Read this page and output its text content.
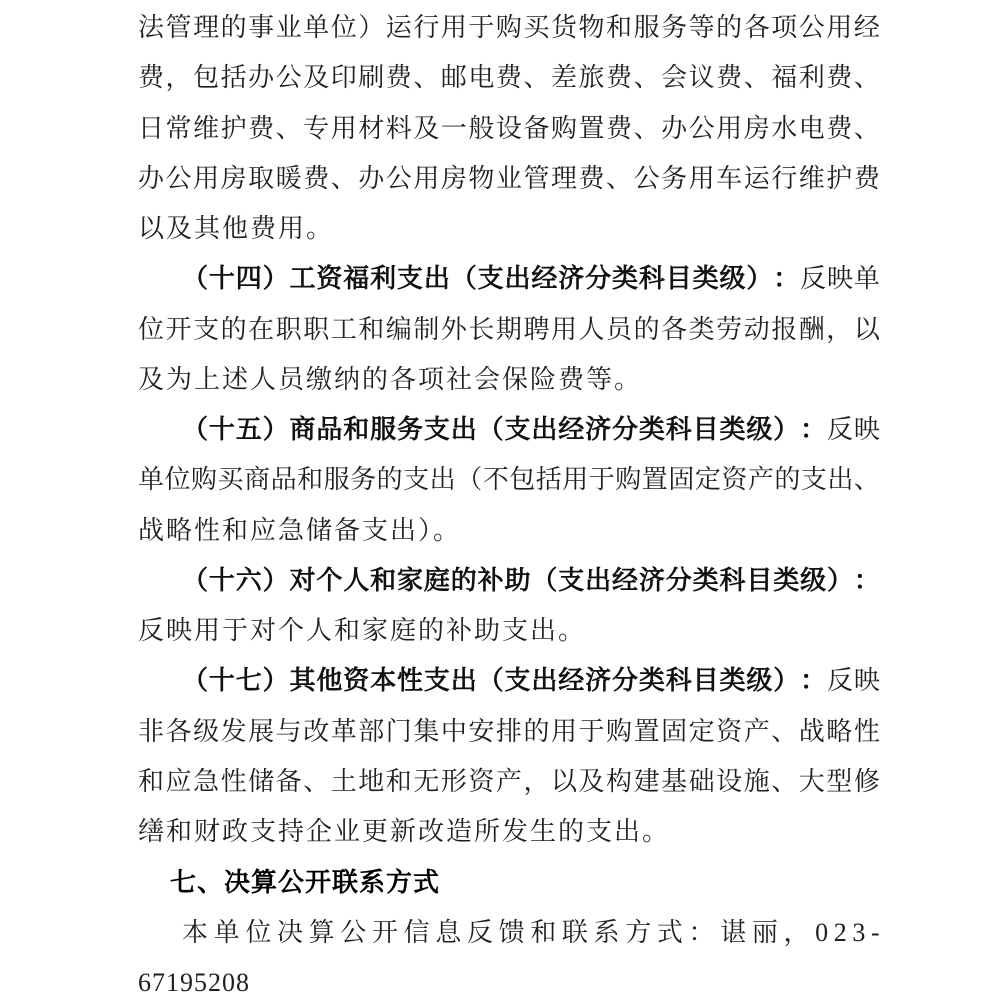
法 管 理 的 事 业 单 位 ） 运 行 用 于 购 买 货 物 和 服 务 等 的 各 项 公 用 经
费 ， 包 括 办 公 及 印 刷 费 、 邮 电 费 、 差 旅 费 、 会 议 费 、 福 利 费 、
日 常 维 护 费 、 专 用 材 料 及 一 般 设 备 购 置 费 、 办 公 用 房 水 电 费 、
办 公 用 房 取 暖 费 、 办 公 用 房 物 业 管 理 费 、 公 务 用 车 运 行 维 护 费
以及其他费用。
（ 十 四 ） 工 资 福 利 支 出 （ 支 出 经 济 分 类 科 目 类 级 ） ： 反 映 单
位 开 支 的 在 职 职 工 和 编 制 外 长 期 聘 用 人 员 的 各 类 劳 动 报 酬 ， 以
及为上述人员缴纳的各项社会保险费等。
（ 十 五 ） 商 品 和 服 务 支 出 （ 支 出 经 济 分 类 科 目 类 级 ） ： 反 映
单 位 购 买 商 品 和 服 务 的 支 出 （ 不 包 括 用 于 购 置 固 定 资 产 的 支 出 、
战略性和应急储备支出）。
（ 十 六 ） 对 个 人 和 家 庭 的 补 助 （ 支 出 经 济 分 类 科 目 类 级 ） ：
反映用于对个人和家庭的补助支出。
（ 十 七 ） 其 他 资 本 性 支 出 （ 支 出 经 济 分 类 科 目 类 级 ） ： 反 映
非 各 级 发 展 与 改 革 部 门 集 中 安 排 的 用 于 购 置 固 定 资 产 、 战 略 性
和 应 急 性 储 备 、 土 地 和 无 形 资 产 ， 以 及 构 建 基 础 设 施 、 大 型 修
缮和财政支持企业更新改造所发生的支出。
七、决算公开联系方式
本 单 位 决 算 公 开 信 息 反 馈 和 联 系 方 式 ： 谌 丽 ， 0 2 3 -
67195208
